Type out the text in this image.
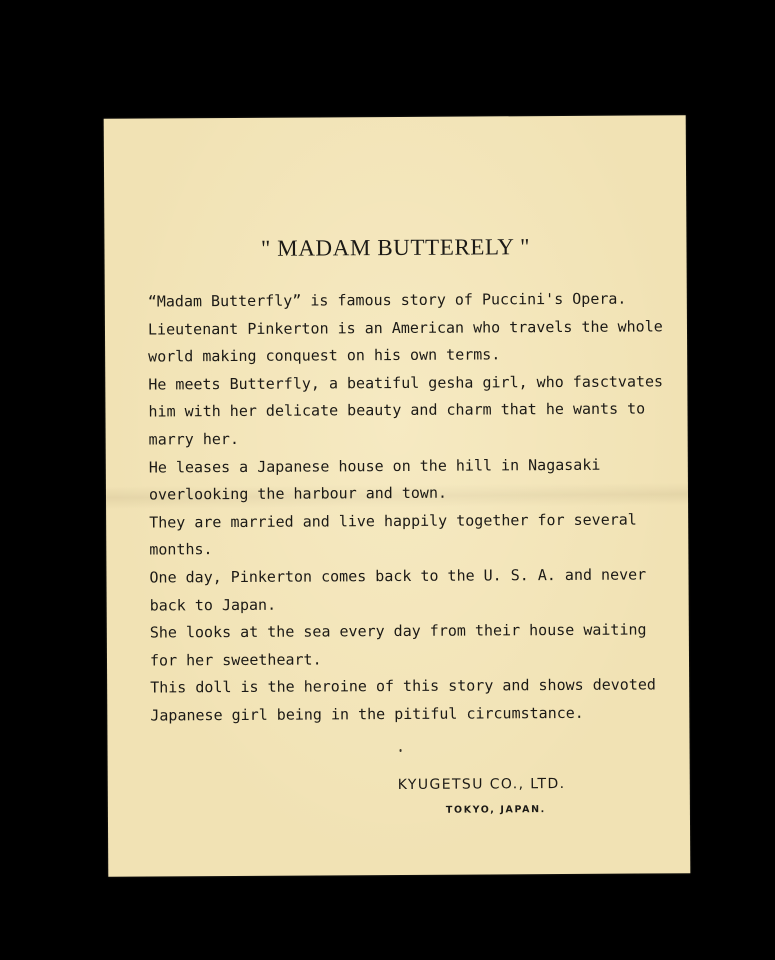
" MADAM BUTTERELY "
“Madam Butterfly” is famous story of Puccini's Opera.
Lieutenant Pinkerton is an American who travels the whole
world making conquest on his own terms.
He meets Butterfly, a beatiful gesha girl, who fasctvates
him with her delicate beauty and charm that he wants to
marry her.
He leases a Japanese house on the hill in Nagasaki
overlooking the harbour and town.
They are married and live happily together for several
months.
One day, Pinkerton comes back to the U. S. A. and never
back to Japan.
She looks at the sea every day from their house waiting
for her sweetheart.
This doll is the heroine of this story and shows devoted
Japanese girl being in the pitiful circumstance.
KYUGETSU CO., LTD.
TOKYO, JAPAN.
